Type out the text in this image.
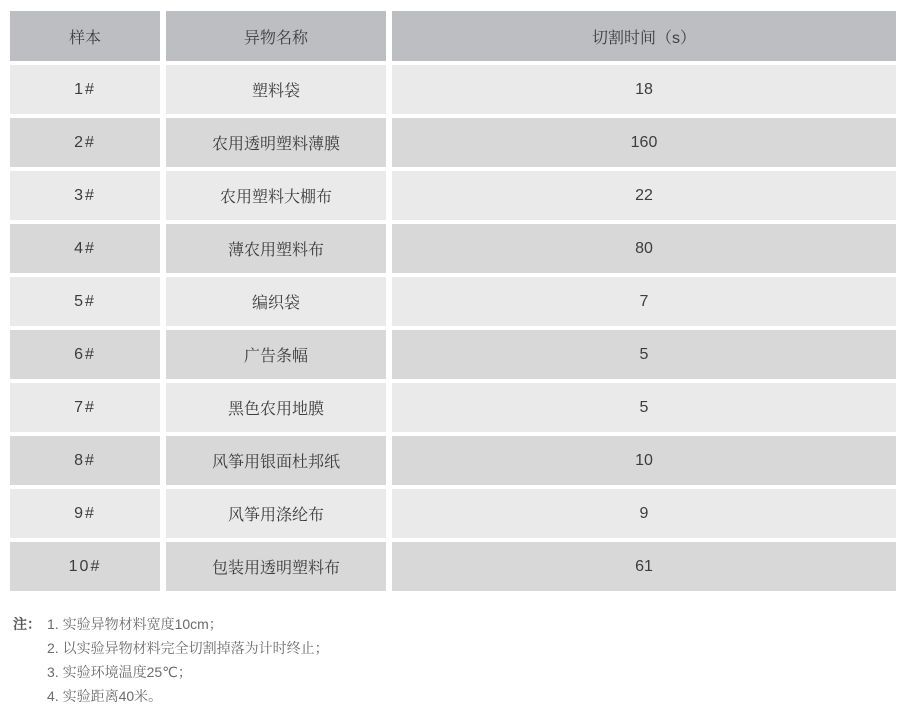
样本	异物名称	切割时间（s）
1#	塑料袋	18
2#	农用透明塑料薄膜	160
3#	农用塑料大棚布	22
4#	薄农用塑料布	80
5#	编织袋	7
6#	广告条幅	5
7#	黑色农用地膜	5
8#	风筝用银面杜邦纸	10
9#	风筝用涤纶布	9
10#	包装用透明塑料布	61
注： 1. 实验异物材料宽度10cm；
2. 以实验异物材料完全切割掉落为计时终止；
3. 实验环境温度25℃；
4. 实验距离40米。
